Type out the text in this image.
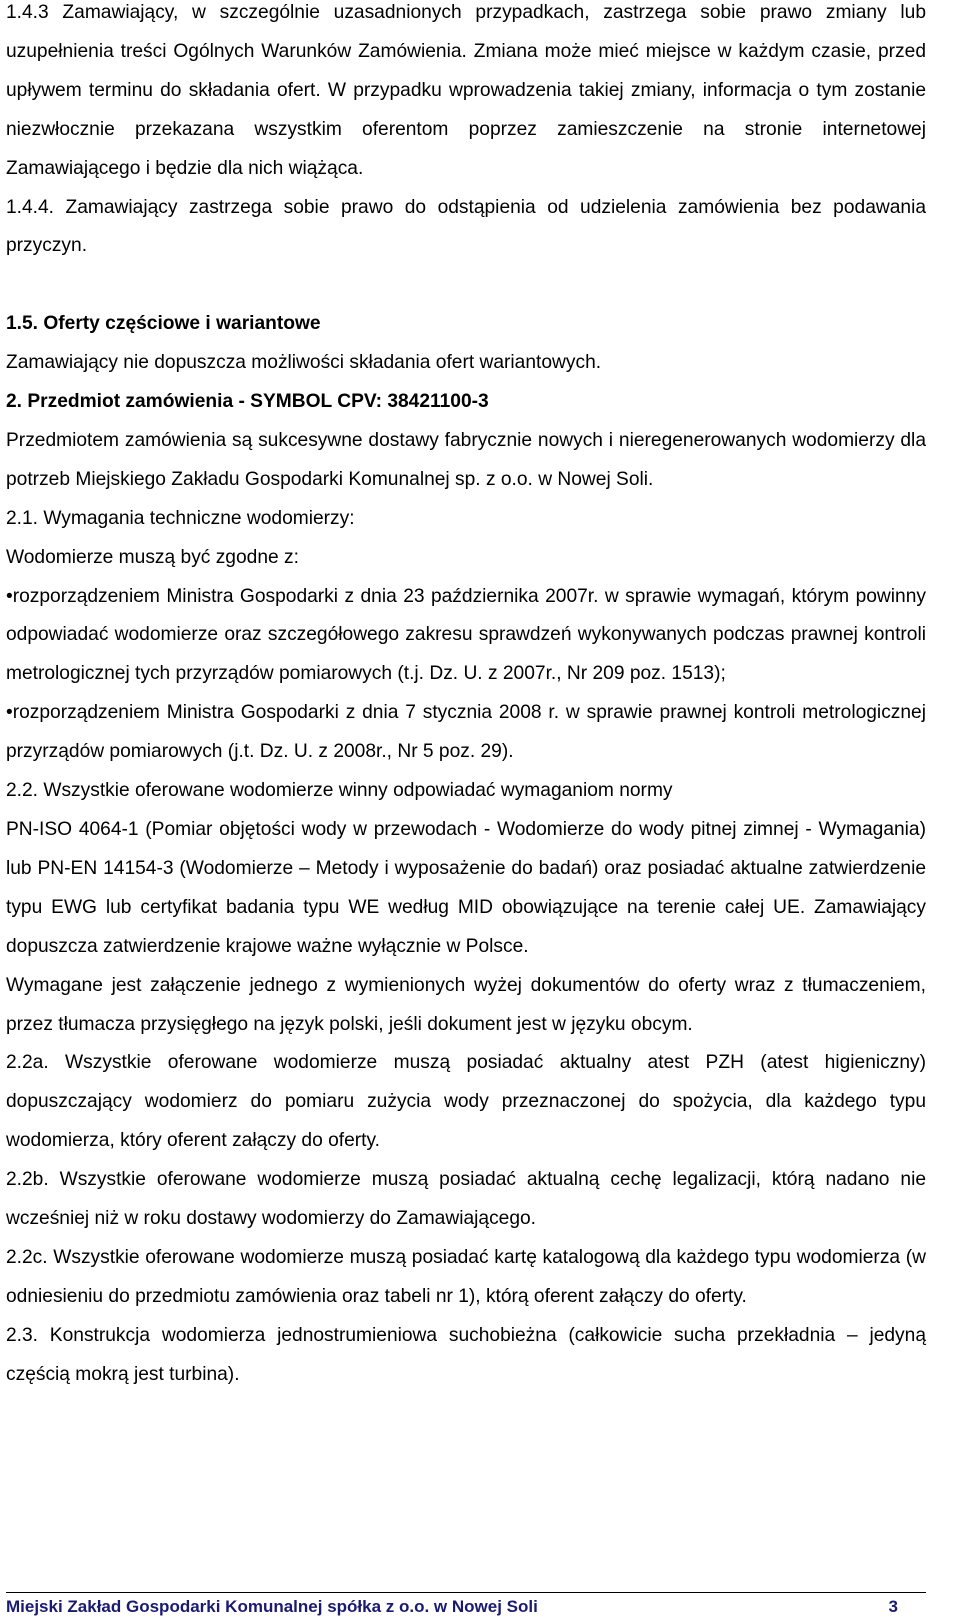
1.4.3 Zamawiający, w szczególnie uzasadnionych przypadkach, zastrzega sobie prawo zmiany lub uzupełnienia treści Ogólnych Warunków Zamówienia. Zmiana może mieć miejsce w każdym czasie, przed upływem terminu do składania ofert. W przypadku wprowadzenia takiej zmiany, informacja o tym zostanie niezwłocznie przekazana wszystkim oferentom poprzez zamieszczenie na stronie internetowej Zamawiającego i będzie dla nich wiążąca.

1.4.4. Zamawiający zastrzega sobie prawo do odstąpienia od udzielenia zamówienia bez podawania przyczyn.

1.5. Oferty częściowe i wariantowe

Zamawiający nie dopuszcza możliwości składania ofert wariantowych.

2. Przedmiot zamówienia - SYMBOL CPV: 38421100-3

Przedmiotem zamówienia są sukcesywne dostawy fabrycznie nowych i nieregenerowanych wodomierzy dla potrzeb Miejskiego Zakładu Gospodarki Komunalnej sp. z o.o. w Nowej Soli.

2.1. Wymagania techniczne wodomierzy:

Wodomierze muszą być zgodne z:

•rozporządzeniem Ministra Gospodarki z dnia 23 października 2007r. w sprawie wymagań, którym powinny odpowiadać wodomierze oraz szczegółowego zakresu sprawdzeń wykonywanych podczas prawnej kontroli metrologicznej tych przyrządów pomiarowych (t.j. Dz. U. z 2007r., Nr 209 poz. 1513);

•rozporządzeniem Ministra Gospodarki z dnia 7 stycznia 2008 r. w sprawie prawnej kontroli metrologicznej przyrządów pomiarowych (j.t. Dz. U. z 2008r., Nr 5 poz. 29).

2.2. Wszystkie oferowane wodomierze winny odpowiadać wymaganiom normy

PN-ISO 4064-1 (Pomiar objętości wody w przewodach - Wodomierze do wody pitnej zimnej - Wymagania) lub PN-EN 14154-3 (Wodomierze – Metody i wyposażenie do badań) oraz posiadać aktualne zatwierdzenie typu EWG lub certyfikat badania typu WE według MID obowiązujące na terenie całej UE. Zamawiający dopuszcza zatwierdzenie krajowe ważne wyłącznie w Polsce.

Wymagane jest załączenie jednego z wymienionych wyżej dokumentów do oferty wraz z tłumaczeniem, przez tłumacza przysięgłego na język polski, jeśli dokument jest w języku obcym.

2.2a. Wszystkie oferowane wodomierze muszą posiadać aktualny atest PZH (atest higieniczny) dopuszczający wodomierz do pomiaru zużycia wody przeznaczonej do spożycia, dla każdego typu wodomierza, który oferent załączy do oferty.

2.2b. Wszystkie oferowane wodomierze muszą posiadać aktualną cechę legalizacji, którą nadano nie wcześniej niż w roku dostawy wodomierzy do Zamawiającego.

2.2c. Wszystkie oferowane wodomierze muszą posiadać kartę katalogową dla każdego typu wodomierza (w odniesieniu do przedmiotu zamówienia oraz tabeli nr 1), którą oferent załączy do oferty.

2.3. Konstrukcja wodomierza jednostrumieniowa suchobieżna (całkowicie sucha przekładnia – jedyną częścią mokrą jest turbina).

Miejski Zakład Gospodarki Komunalnej spółka z o.o. w Nowej Soli	3
